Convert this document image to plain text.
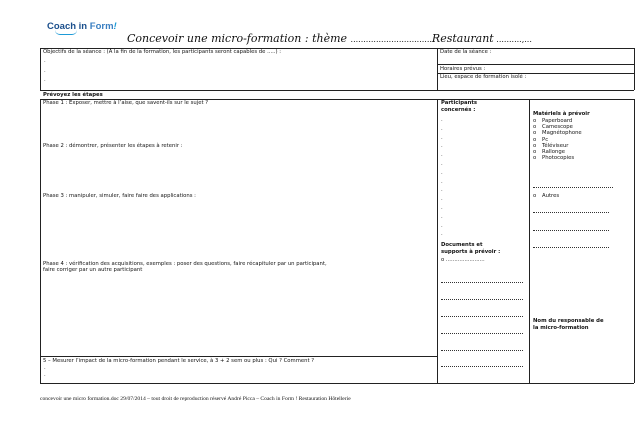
Coach in Form!
Concevoir une micro-formation : thème ................................Restaurant ..........,...
Objectifs de la séance : (A la fin de la formation, les participants seront capables de .....) :
.
.
.
Date de la séance :
Horaires prévus :
Lieu, espace de formation isolé :
Prévoyez les étapes
Phase 1 : Exposer, mettre à l’aise, que savent-ils sur le sujet ?
Phase 2 : démontrer, présenter les étapes à retenir :
Phase 3 : manipuler, simuler, faire faire des applications :
Phase 4 : vérification des acquisitions, exemples : poser des questions, faire récapituler par un participant,
faire corriger par un autre participant
5 – Mesurer l’impact de la micro-formation pendant le service, à 3 + 2 sem ou plus : Qui ? Comment ?
.
.
Participants
concernés :
.
.
.
.
.
.
.
.
.
.
.
.
.
.
Documents et
supports à prévoir :
o .......................
Matériels à prévoir
o Paperboard
o Camescope
o Magnétophone
o Pc
o Téléviseur
o Rallonge
o Photocopies
o Autres
Nom du responsable de
la micro-formation
concevoir une micro formation.doc 29/07/2014 – tout droit de reproduction réservé André Picca – Coach in Form ! Restauration Hôtellerie
